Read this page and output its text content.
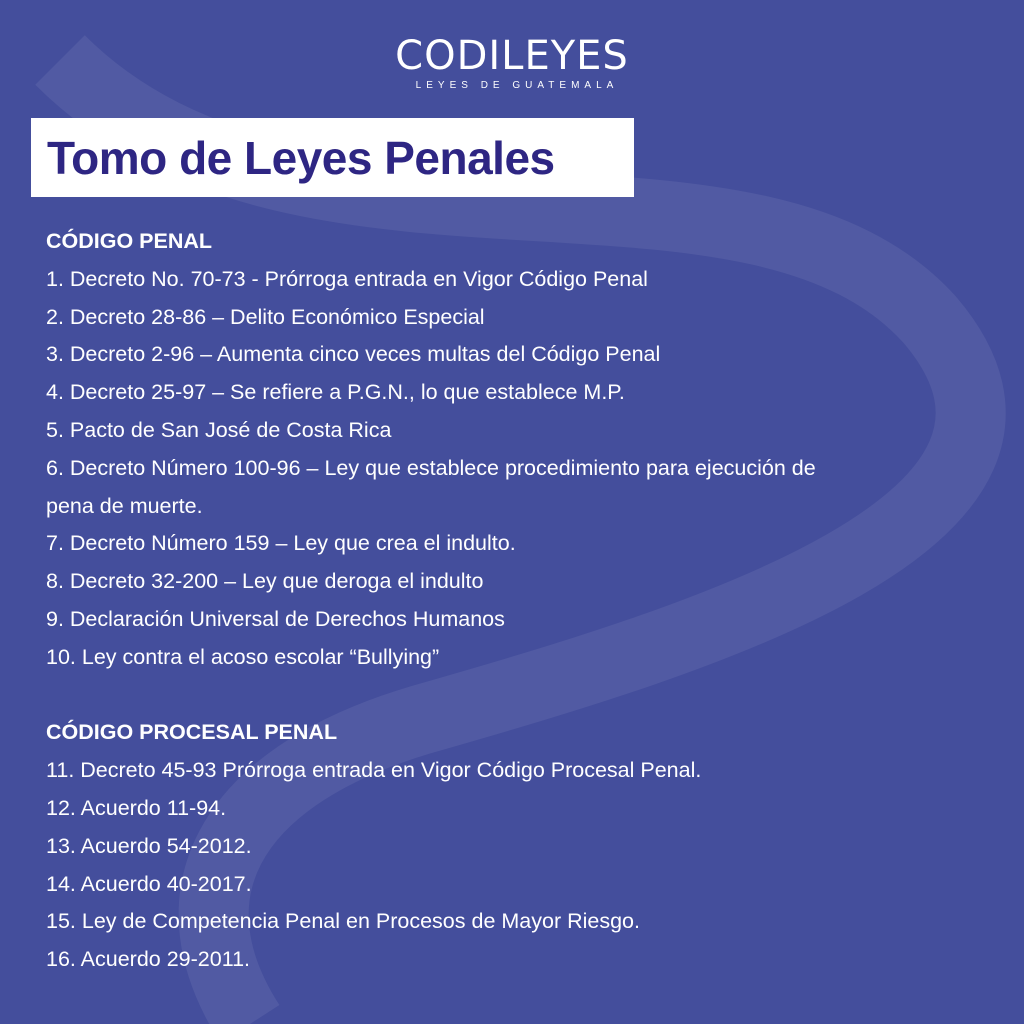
CODILEYES
LEYES DE GUATEMALA
Tomo de Leyes Penales
CÓDIGO PENAL
1. Decreto No. 70-73 - Prórroga entrada en Vigor Código Penal
2. Decreto 28-86 – Delito Económico Especial
3. Decreto 2-96 – Aumenta cinco veces multas del Código Penal
4. Decreto 25-97 – Se refiere a P.G.N., lo que establece M.P.
5. Pacto de San José de Costa Rica
6. Decreto Número 100-96 – Ley que establece procedimiento para ejecución de pena de muerte.
7. Decreto Número 159 – Ley que crea el indulto.
8. Decreto 32-200 – Ley que deroga el indulto
9. Declaración Universal de Derechos Humanos
10. Ley contra el acoso escolar “Bullying”
CÓDIGO PROCESAL PENAL
11. Decreto 45-93 Prórroga entrada en Vigor Código Procesal Penal.
12. Acuerdo 11-94.
13. Acuerdo 54-2012.
14. Acuerdo 40-2017.
15. Ley de Competencia Penal en Procesos de Mayor Riesgo.
16. Acuerdo 29-2011.
